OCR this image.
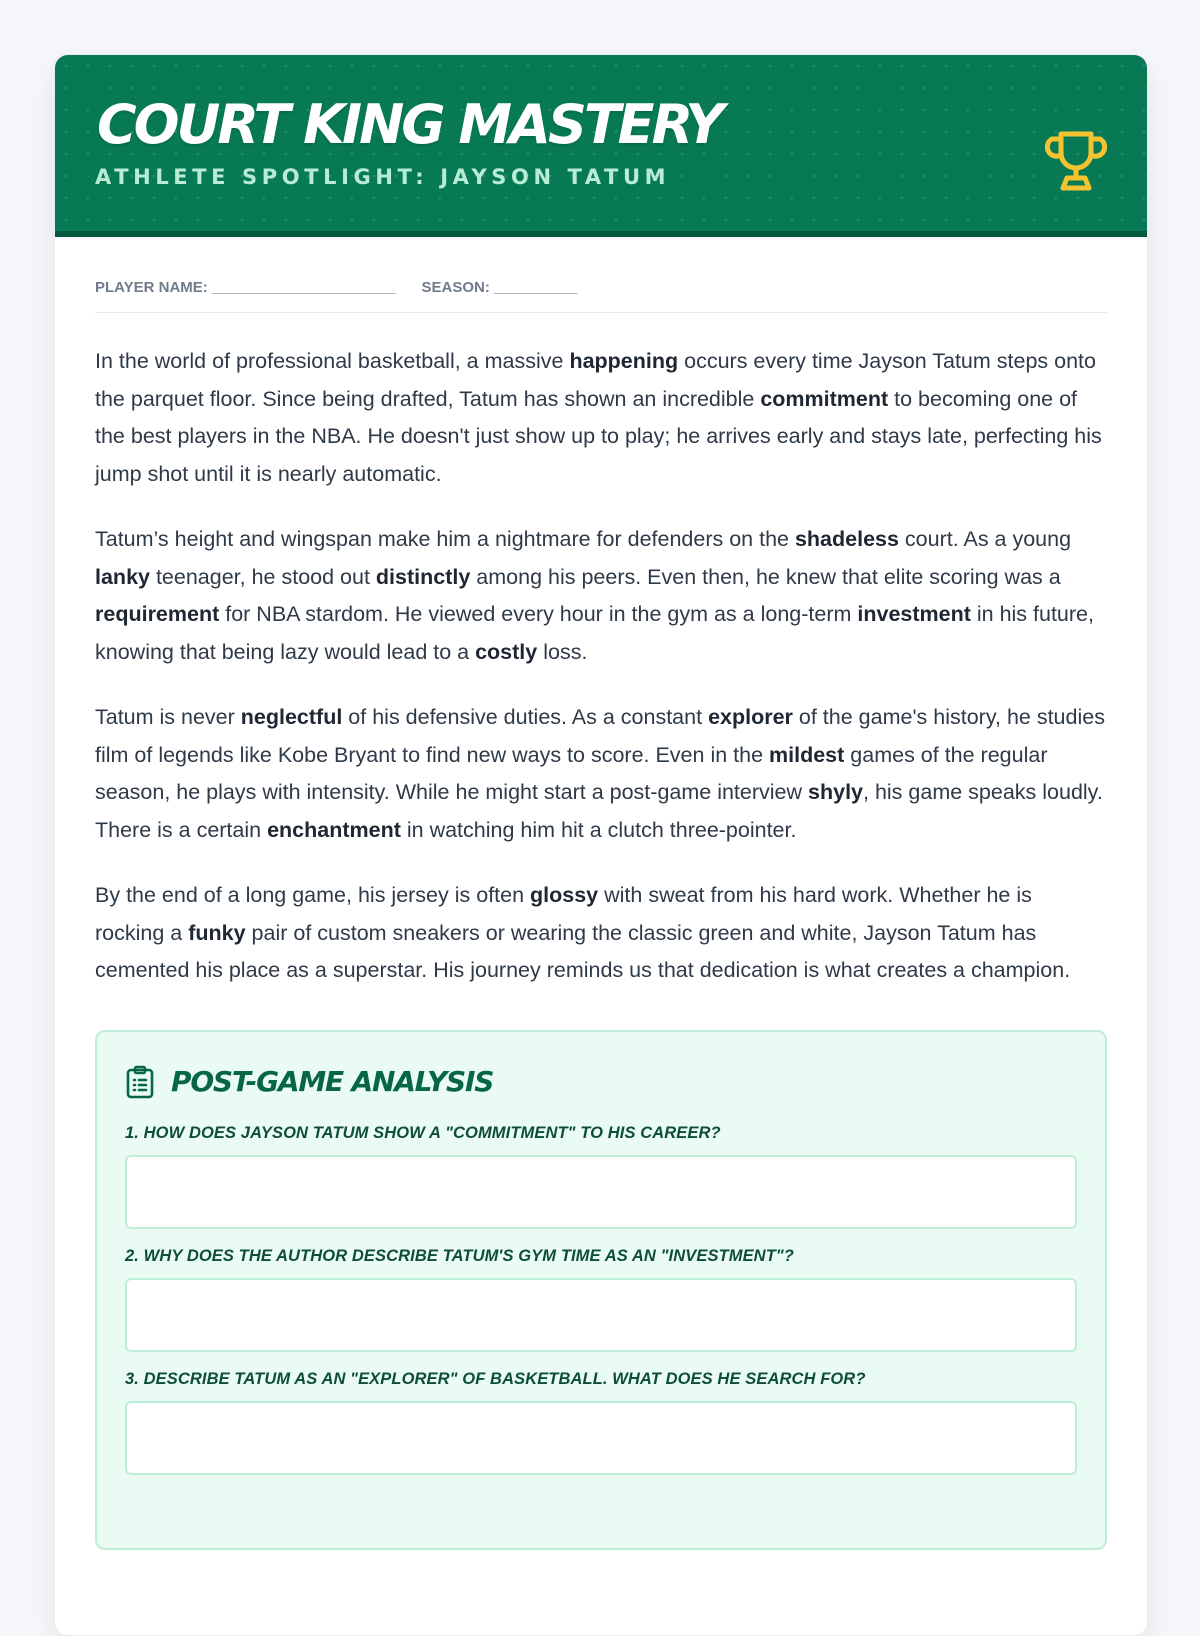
COURT KING MASTERY
ATHLETE SPOTLIGHT: JAYSON TATUM
PLAYER NAME: ______________________ SEASON: __________

In the world of professional basketball, a massive happening occurs every time Jayson Tatum steps onto the parquet floor. Since being drafted, Tatum has shown an incredible commitment to becoming one of the best players in the NBA. He doesn't just show up to play; he arrives early and stays late, perfecting his jump shot until it is nearly automatic.

Tatum’s height and wingspan make him a nightmare for defenders on the shadeless court. As a young lanky teenager, he stood out distinctly among his peers. Even then, he knew that elite scoring was a requirement for NBA stardom. He viewed every hour in the gym as a long-term investment in his future, knowing that being lazy would lead to a costly loss.

Tatum is never neglectful of his defensive duties. As a constant explorer of the game's history, he studies film of legends like Kobe Bryant to find new ways to score. Even in the mildest games of the regular season, he plays with intensity. While he might start a post-game interview shyly, his game speaks loudly. There is a certain enchantment in watching him hit a clutch three-pointer.

By the end of a long game, his jersey is often glossy with sweat from his hard work. Whether he is rocking a funky pair of custom sneakers or wearing the classic green and white, Jayson Tatum has cemented his place as a superstar. His journey reminds us that dedication is what creates a champion.

POST-GAME ANALYSIS
1. HOW DOES JAYSON TATUM SHOW A "COMMITMENT" TO HIS CAREER?
2. WHY DOES THE AUTHOR DESCRIBE TATUM'S GYM TIME AS AN "INVESTMENT"?
3. DESCRIBE TATUM AS AN "EXPLORER" OF BASKETBALL. WHAT DOES HE SEARCH FOR?
